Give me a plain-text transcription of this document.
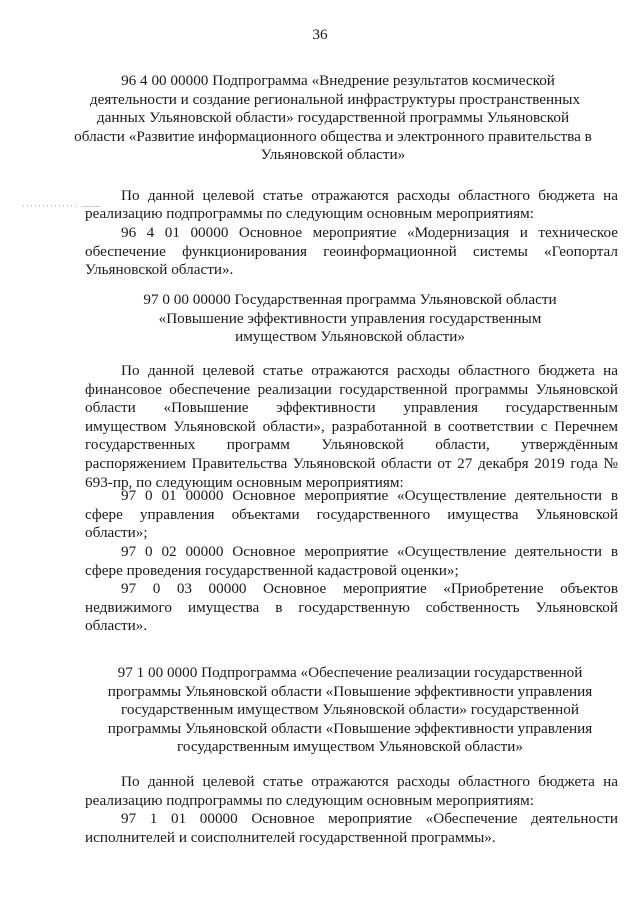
36
96 4 00 00000 Подпрограмма «Внедрение результатов космической
деятельности и создание региональной инфраструктуры пространственных
данных Ульяновской области» государственной программы Ульяновской
области «Развитие информационного общества и электронного правительства в
Ульяновской области»
·············· ——
По данной целевой статье отражаются расходы областного бюджета на
реализацию подпрограммы по следующим основным мероприятиям:
96 4 01 00000 Основное мероприятие «Модернизация и техническое
обеспечение функционирования геоинформационной системы «Геопортал
Ульяновской области».
97 0 00 00000 Государственная программа Ульяновской области
«Повышение эффективности управления государственным
имуществом Ульяновской области»
По данной целевой статье отражаются расходы областного бюджета на
финансовое обеспечение реализации государственной программы Ульяновской
области «Повышение эффективности управления государственным
имуществом Ульяновской области», разработанной в соответствии с Перечнем
государственных программ Ульяновской области, утверждённым
распоряжением Правительства Ульяновской области от 27 декабря 2019 года №
693-пр, по следующим основным мероприятиям:
97 0 01 00000 Основное мероприятие «Осуществление деятельности в
сфере управления объектами государственного имущества Ульяновской
области»;
97 0 02 00000 Основное мероприятие «Осуществление деятельности в
сфере проведения государственной кадастровой оценки»;
97 0 03 00000 Основное мероприятие «Приобретение объектов
недвижимого имущества в государственную собственность Ульяновской
области».
97 1 00 0000 Подпрограмма «Обеспечение реализации государственной
программы Ульяновской области «Повышение эффективности управления
государственным имуществом Ульяновской области» государственной
программы Ульяновской области «Повышение эффективности управления
государственным имуществом Ульяновской области»
По данной целевой статье отражаются расходы областного бюджета на
реализацию подпрограммы по следующим основным мероприятиям:
97 1 01 00000 Основное мероприятие «Обеспечение деятельности
исполнителей и соисполнителей государственной программы».
